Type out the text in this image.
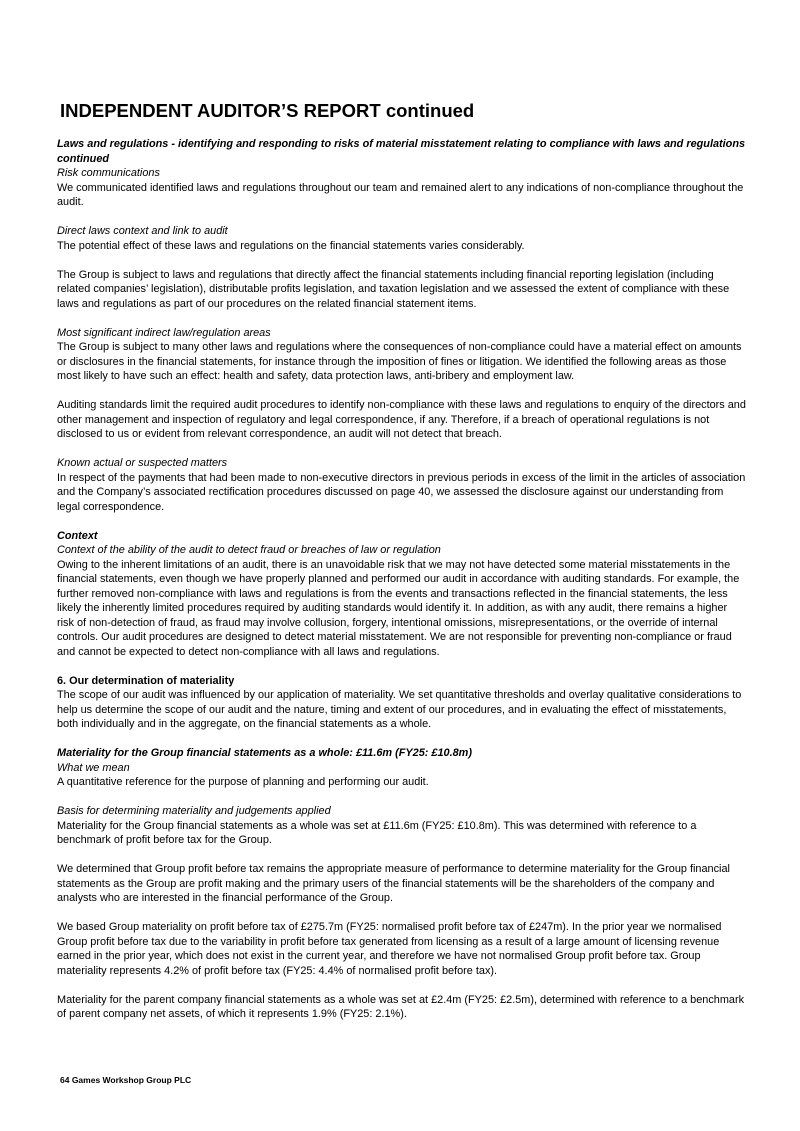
INDEPENDENT AUDITOR’S REPORT continued

Laws and regulations - identifying and responding to risks of material misstatement relating to compliance with laws and regulations continued

Risk communications

We communicated identified laws and regulations throughout our team and remained alert to any indications of non-compliance throughout the audit.

Direct laws context and link to audit

The potential effect of these laws and regulations on the financial statements varies considerably.

The Group is subject to laws and regulations that directly affect the financial statements including financial reporting legislation (including related companies’ legislation), distributable profits legislation, and taxation legislation and we assessed the extent of compliance with these laws and regulations as part of our procedures on the related financial statement items.

Most significant indirect law/regulation areas

The Group is subject to many other laws and regulations where the consequences of non-compliance could have a material effect on amounts or disclosures in the financial statements, for instance through the imposition of fines or litigation. We identified the following areas as those most likely to have such an effect: health and safety, data protection laws, anti-bribery and employment law.

Auditing standards limit the required audit procedures to identify non-compliance with these laws and regulations to enquiry of the directors and other management and inspection of regulatory and legal correspondence, if any. Therefore, if a breach of operational regulations is not disclosed to us or evident from relevant correspondence, an audit will not detect that breach.

Known actual or suspected matters

In respect of the payments that had been made to non-executive directors in previous periods in excess of the limit in the articles of association and the Company’s associated rectification procedures discussed on page 40, we assessed the disclosure against our understanding from legal correspondence.

Context

Context of the ability of the audit to detect fraud or breaches of law or regulation

Owing to the inherent limitations of an audit, there is an unavoidable risk that we may not have detected some material misstatements in the financial statements, even though we have properly planned and performed our audit in accordance with auditing standards. For example, the further removed non-compliance with laws and regulations is from the events and transactions reflected in the financial statements, the less likely the inherently limited procedures required by auditing standards would identify it. In addition, as with any audit, there remains a higher risk of non-detection of fraud, as fraud may involve collusion, forgery, intentional omissions, misrepresentations, or the override of internal controls. Our audit procedures are designed to detect material misstatement. We are not responsible for preventing non-compliance or fraud and cannot be expected to detect non-compliance with all laws and regulations.

6. Our determination of materiality

The scope of our audit was influenced by our application of materiality. We set quantitative thresholds and overlay qualitative considerations to help us determine the scope of our audit and the nature, timing and extent of our procedures, and in evaluating the effect of misstatements, both individually and in the aggregate, on the financial statements as a whole.

Materiality for the Group financial statements as a whole: £11.6m (FY25: £10.8m)

What we mean

A quantitative reference for the purpose of planning and performing our audit.

Basis for determining materiality and judgements applied

Materiality for the Group financial statements as a whole was set at £11.6m (FY25: £10.8m). This was determined with reference to a benchmark of profit before tax for the Group.

We determined that Group profit before tax remains the appropriate measure of performance to determine materiality for the Group financial statements as the Group are profit making and the primary users of the financial statements will be the shareholders of the company and analysts who are interested in the financial performance of the Group.

We based Group materiality on profit before tax of £275.7m (FY25: normalised profit before tax of £247m). In the prior year we normalised Group profit before tax due to the variability in profit before tax generated from licensing as a result of a large amount of licensing revenue earned in the prior year, which does not exist in the current year, and therefore we have not normalised Group profit before tax. Group materiality represents 4.2% of profit before tax (FY25: 4.4% of normalised profit before tax).

Materiality for the parent company financial statements as a whole was set at £2.4m (FY25: £2.5m), determined with reference to a benchmark of parent company net assets, of which it represents 1.9% (FY25: 2.1%).

64 Games Workshop Group PLC
